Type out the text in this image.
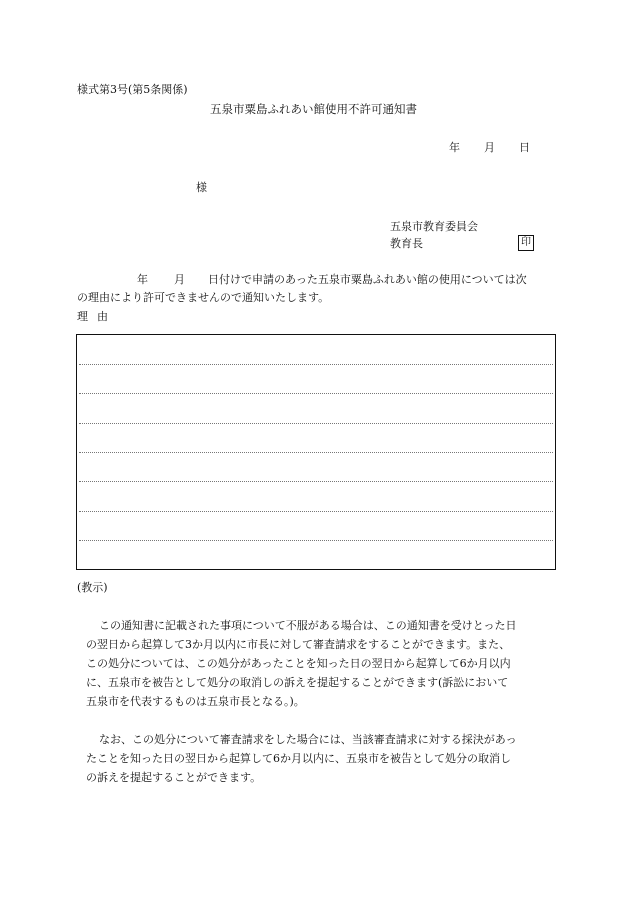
様式第3号(第5条関係)
五泉市粟島ふれあい館使用不許可通知書
年 月 日
様
五泉市教育委員会
教育長	印
年 月 日付けで申請のあった五泉市粟島ふれあい館の使用については次
の理由により許可できませんので通知いたします。
理由
(教示)
この通知書に記載された事項について不服がある場合は、この通知書を受けとった日
の翌日から起算して3か月以内に市長に対して審査請求をすることができます。また、
この処分については、この処分があったことを知った日の翌日から起算して6か月以内
に、五泉市を被告として処分の取消しの訴えを提起することができます(訴訟において
五泉市を代表するものは五泉市長となる。)。
なお、この処分について審査請求をした場合には、当該審査請求に対する採決があっ
たことを知った日の翌日から起算して6か月以内に、五泉市を被告として処分の取消し
の訴えを提起することができます。
